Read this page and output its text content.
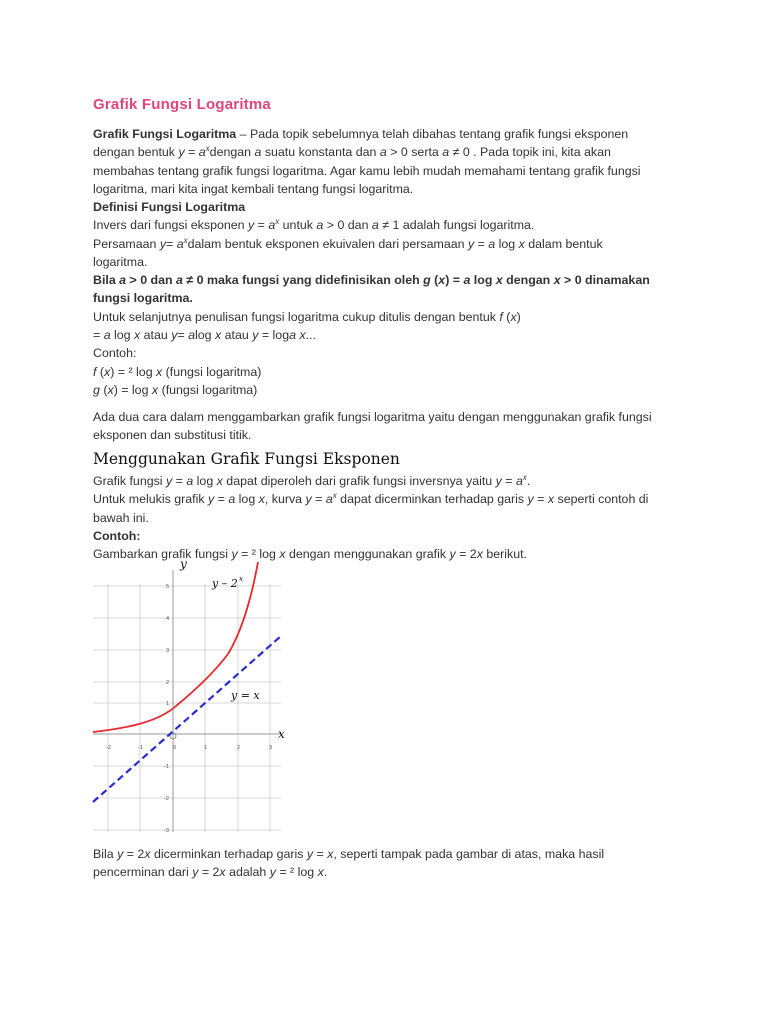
Grafik Fungsi Logaritma
Grafik Fungsi Logaritma – Pada topik sebelumnya telah dibahas tentang grafik fungsi eksponen
dengan bentuk $y = a^xdengan$ a suatu konstanta dan a > 0 serta a ≠ 0 . Pada topik ini, kita akan
membahas tentang grafik fungsi logaritma. Agar kamu lebih mudah memahami tentang grafik fungsi
logaritma, mari kita ingat kembali tentang fungsi logaritma.
Definisi Fungsi Logaritma
Invers dari fungsi eksponen $y = a^x$ untuk a > 0 dan a ≠ 1 adalah fungsi logaritma.
Persamaan $y= a^xdalam$ bentuk eksponen ekuivalen dari persamaan y = a log x dalam bentuk
logaritma.
Bila a > 0 dan a ≠ 0 maka fungsi yang didefinisikan oleh g (x) = a log x dengan x > 0 dinamakan
fungsi logaritma.
Untuk selanjutnya penulisan fungsi logaritma cukup ditulis dengan bentuk f (x)
= a log x atau y= alog x atau y = loga x...
Contoh:
f (x) = ² log x (fungsi logaritma)
g (x) = log x (fungsi logaritma)
Ada dua cara dalam menggambarkan grafik fungsi logaritma yaitu dengan menggunakan grafik fungsi
eksponen dan substitusi titik.
Menggunakan Grafik Fungsi Eksponen
Grafik fungsi y = a log x dapat diperoleh dari grafik fungsi inversnya yaitu $y = a^x$.
Untuk melukis grafik y = a log x, kurva $y = a^x$ dapat dicerminkan terhadap garis y = x seperti contoh di
bawah ini.
Contoh:
Gambarkan grafik fungsi y = ² log x dengan menggunakan grafik y = 2x berikut.
-2	-1	0	1	2	3
5
4
3
2
1
-1
-2
-3
y
x
y – 2 x
y = x
Bila y = 2x dicerminkan terhadap garis y = x, seperti tampak pada gambar di atas, maka hasil
pencerminan dari y = 2x adalah y = ² log x.
